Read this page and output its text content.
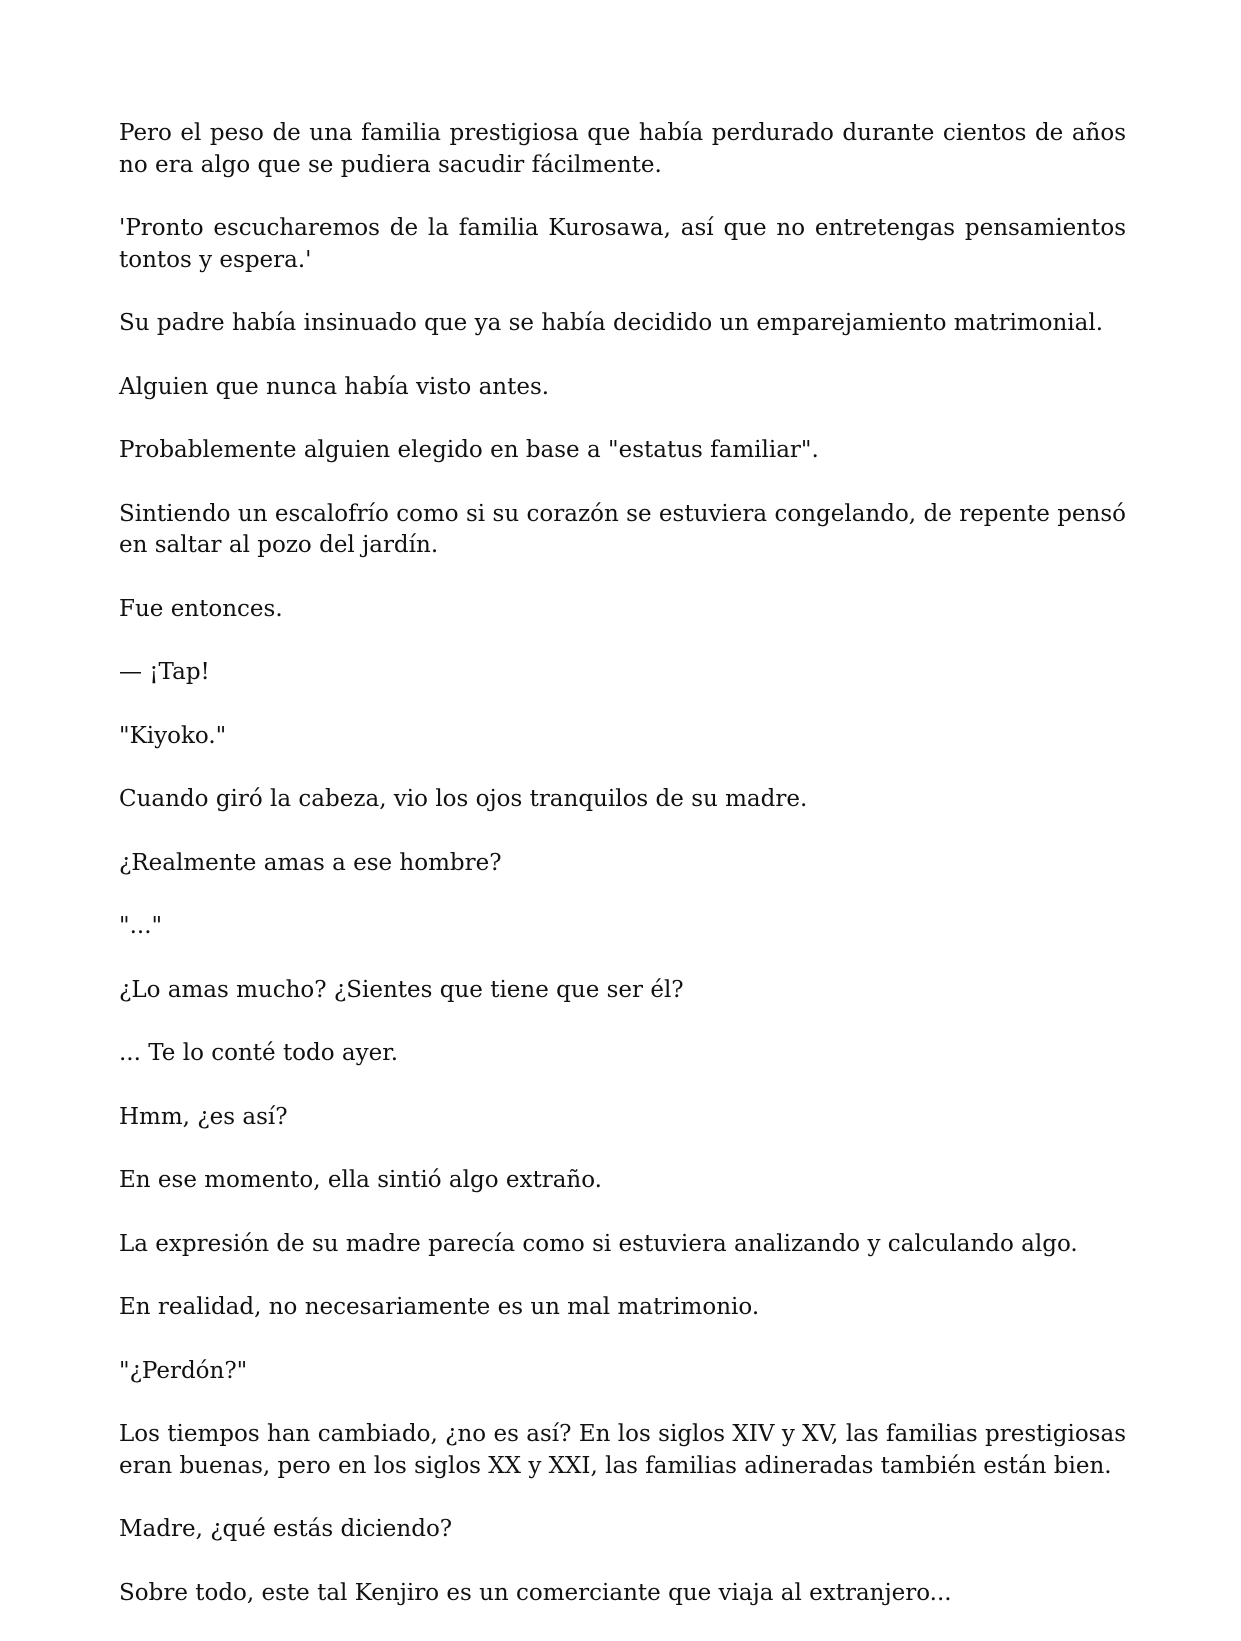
Pero el peso de una familia prestigiosa que había perdurado durante cientos de años no era algo que se pudiera sacudir fácilmente.

'Pronto escucharemos de la familia Kurosawa, así que no entretengas pensamientos tontos y espera.'

Su padre había insinuado que ya se había decidido un emparejamiento matrimonial.

Alguien que nunca había visto antes.

Probablemente alguien elegido en base a "estatus familiar".

Sintiendo un escalofrío como si su corazón se estuviera congelando, de repente pensó en saltar al pozo del jardín.

Fue entonces.

— ¡Tap!

"Kiyoko."

Cuando giró la cabeza, vio los ojos tranquilos de su madre.

¿Realmente amas a ese hombre?

"..."

¿Lo amas mucho? ¿Sientes que tiene que ser él?

... Te lo conté todo ayer.

Hmm, ¿es así?

En ese momento, ella sintió algo extraño.

La expresión de su madre parecía como si estuviera analizando y calculando algo.

En realidad, no necesariamente es un mal matrimonio.

"¿Perdón?"

Los tiempos han cambiado, ¿no es así? En los siglos XIV y XV, las familias prestigiosas eran buenas, pero en los siglos XX y XXI, las familias adineradas también están bien.

Madre, ¿qué estás diciendo?

Sobre todo, este tal Kenjiro es un comerciante que viaja al extranjero...
